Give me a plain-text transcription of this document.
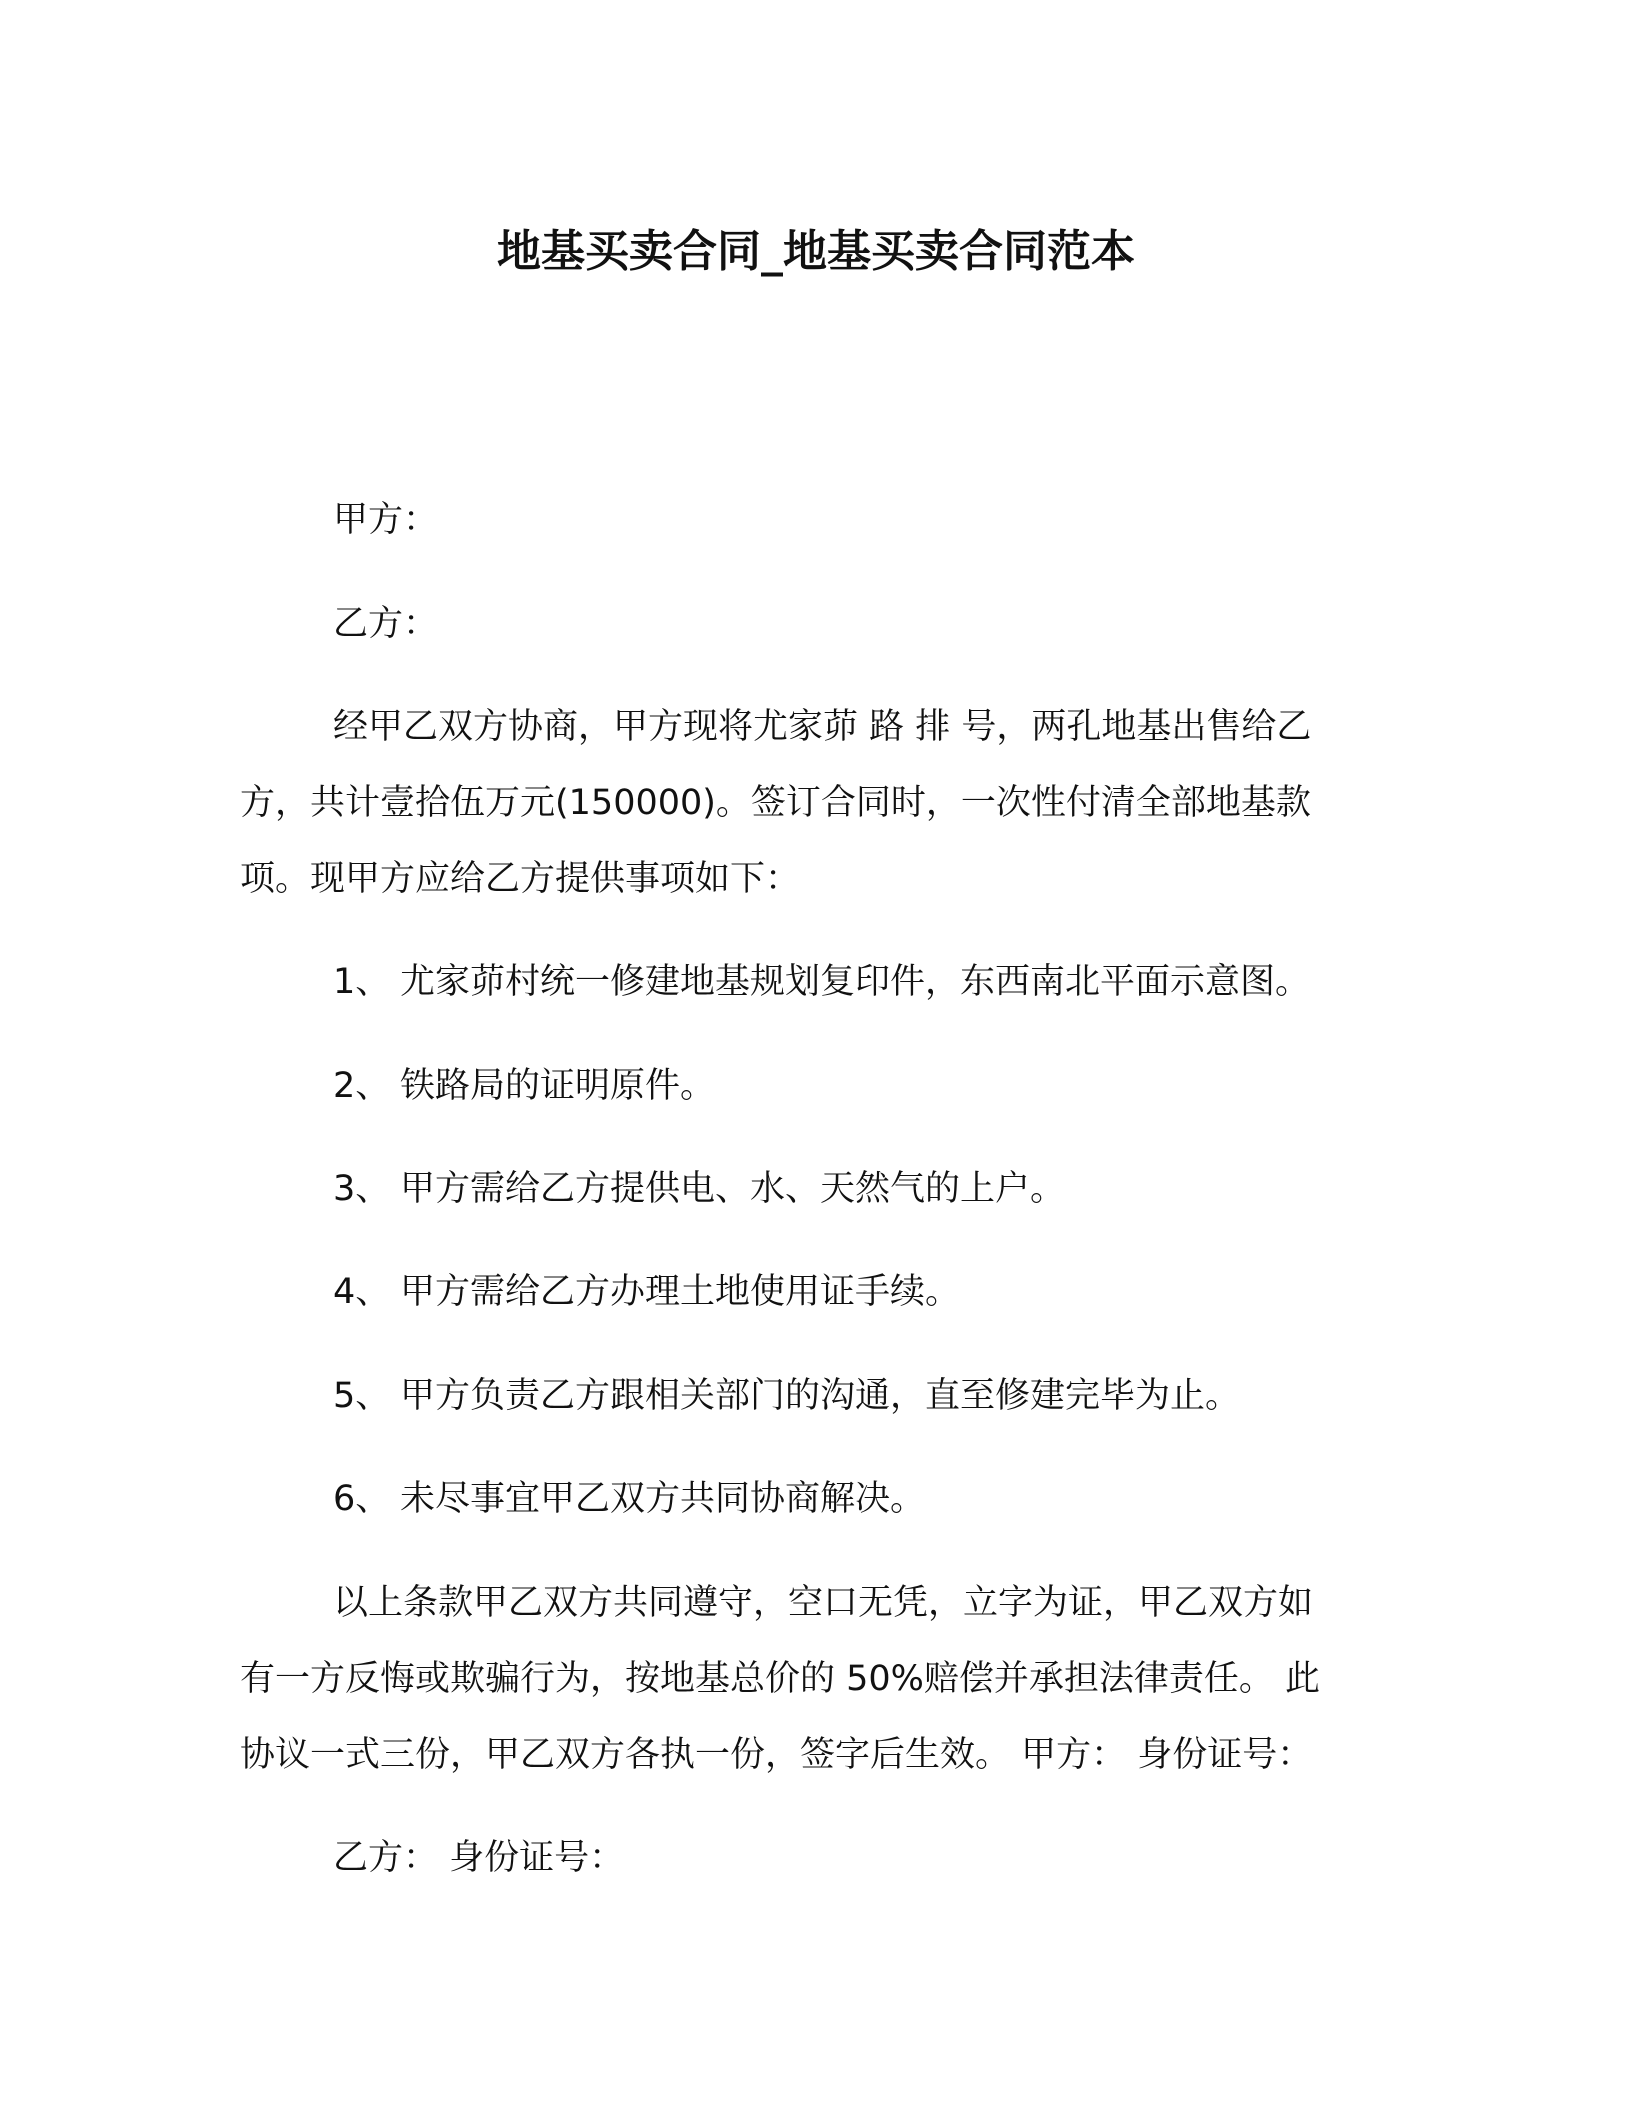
地基买卖合同_地基买卖合同范本
甲方：
乙方：
经甲乙双方协商，甲方现将尤家茆 路 排 号，两孔地基出售给乙
方，共计壹拾伍万元(150000)。签订合同时，一次性付清全部地基款
项。现甲方应给乙方提供事项如下：
1、 尤家茆村统一修建地基规划复印件，东西南北平面示意图。
2、 铁路局的证明原件。
3、 甲方需给乙方提供电、水、天然气的上户。
4、 甲方需给乙方办理土地使用证手续。
5、 甲方负责乙方跟相关部门的沟通，直至修建完毕为止。
6、 未尽事宜甲乙双方共同协商解决。
以上条款甲乙双方共同遵守，空口无凭，立字为证，甲乙双方如
有一方反悔或欺骗行为，按地基总价的 50%赔偿并承担法律责任。 此
协议一式三份，甲乙双方各执一份，签字后生效。 甲方： 身份证号：
乙方： 身份证号：
